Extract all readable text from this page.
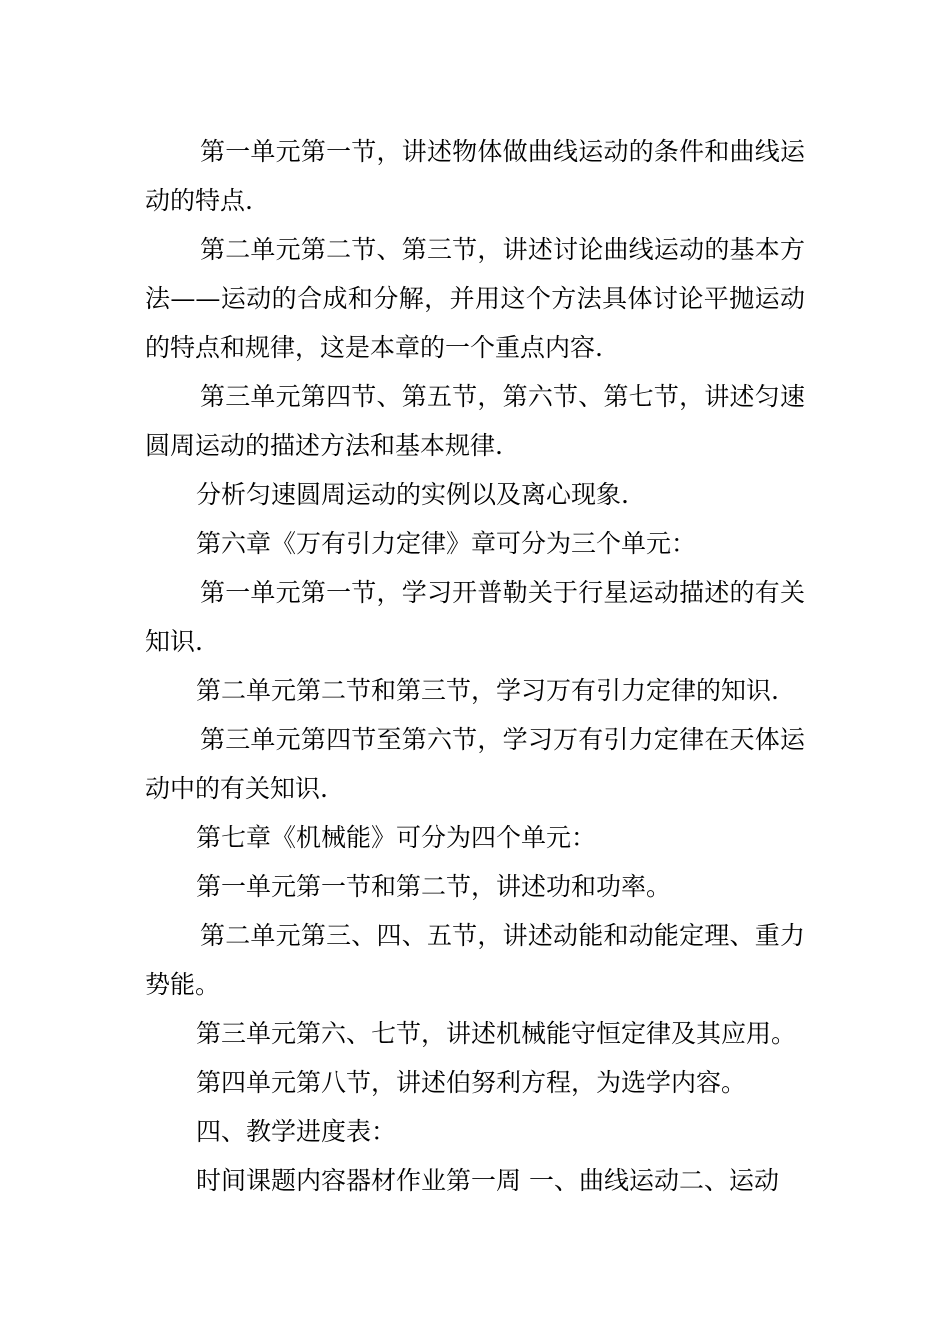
第一单元第一节，讲述物体做曲线运动的条件和曲线运动的特点.

第二单元第二节、第三节，讲述讨论曲线运动的基本方法——运动的合成和分解，并用这个方法具体讨论平抛运动的特点和规律，这是本章的一个重点内容.

第三单元第四节、第五节，第六节、第七节，讲述匀速圆周运动的描述方法和基本规律.

分析匀速圆周运动的实例以及离心现象.

第六章《万有引力定律》章可分为三个单元：

第一单元第一节，学习开普勒关于行星运动描述的有关知识.

第二单元第二节和第三节，学习万有引力定律的知识.

第三单元第四节至第六节，学习万有引力定律在天体运动中的有关知识.

第七章《机械能》可分为四个单元：

第一单元第一节和第二节，讲述功和功率。

第二单元第三、四、五节，讲述动能和动能定理、重力势能。

第三单元第六、七节，讲述机械能守恒定律及其应用。

第四单元第八节，讲述伯努利方程，为选学内容。

四、教学进度表：

时间课题内容器材作业第一周 一、曲线运动二、运动
